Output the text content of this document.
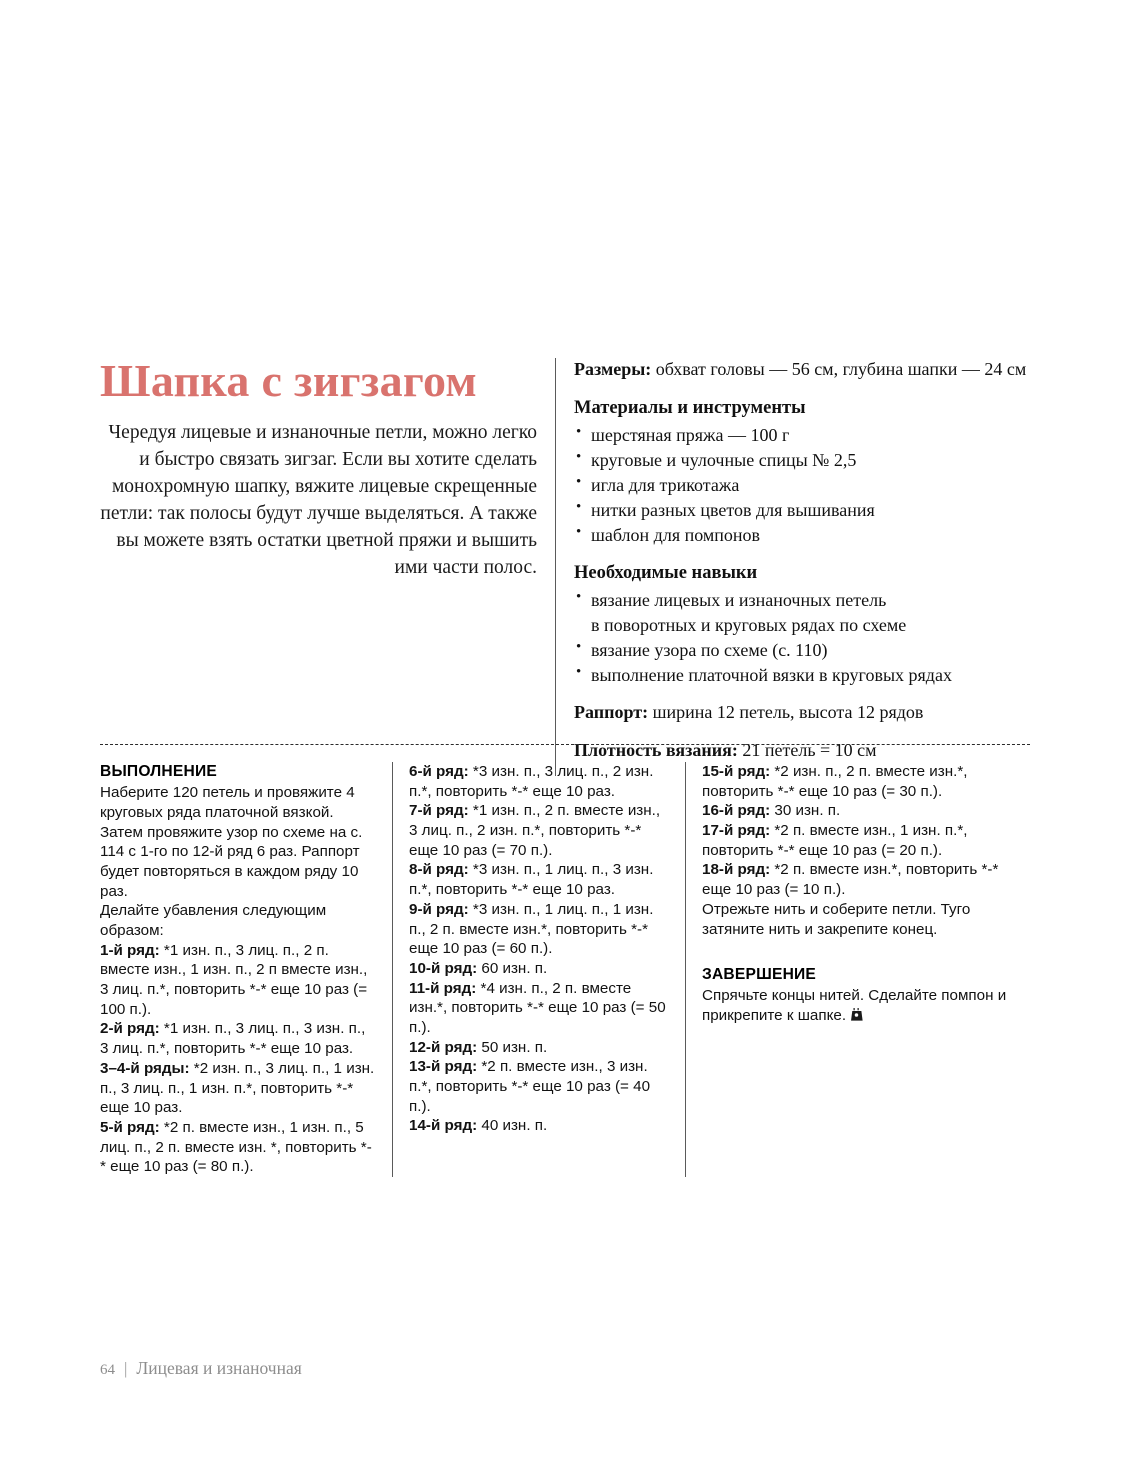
Шапка с зигзагом

Чередуя лицевые и изнаночные петли, можно легко и быстро связать зигзаг. Если вы хотите сделать монохромную шапку, вяжите лицевые скрещенные петли: так полосы будут лучше выделяться. А также вы можете взять остатки цветной пряжи и вышить ими части полос.

Размеры: обхват головы — 56 см, глубина шапки — 24 см

Материалы и инструменты
• шерстяная пряжа — 100 г
• круговые и чулочные спицы № 2,5
• игла для трикотажа
• нитки разных цветов для вышивания
• шаблон для помпонов
Необходимые навыки
• вязание лицевых и изнаночных петель
в поворотных и круговых рядах по схеме
• вязание узора по схеме (с. 110)
• выполнение платочной вязки в круговых рядах

Раппорт: ширина 12 петель, высота 12 рядов

Плотность вязания: 21 петель = 10 см

ВЫПОЛНЕНИЕ

Наберите 120 петель и провяжите 4 круговых ряда платочной вязкой. Затем провяжите узор по схеме на с. 114 с 1-го по 12-й ряд 6 раз. Раппорт будет повторяться в каждом ряду 10 раз.

Делайте убавления следующим образом:

1-й ряд: *1 изн. п., 3 лиц. п., 2 п. вместе изн., 1 изн. п., 2 п вместе изн., 3 лиц. п.*, повторить *-* еще 10 раз (= 100 п.).

2-й ряд: *1 изн. п., 3 лиц. п., 3 изн. п., 3 лиц. п.*, повторить *-* еще 10 раз.

3–4-й ряды: *2 изн. п., 3 лиц. п., 1 изн. п., 3 лиц. п., 1 изн. п.*, повторить *-* еще 10 раз.

5-й ряд: *2 п. вместе изн., 1 изн. п., 5 лиц. п., 2 п. вместе изн. *, повторить *-* еще 10 раз (= 80 п.).

6-й ряд: *3 изн. п., 3 лиц. п., 2 изн. п.*, повторить *-* еще 10 раз.

7-й ряд: *1 изн. п., 2 п. вместе изн., 3 лиц. п., 2 изн. п.*, повторить *-* еще 10 раз (= 70 п.).

8-й ряд: *3 изн. п., 1 лиц. п., 3 изн. п.*, повторить *-* еще 10 раз.

9-й ряд: *3 изн. п., 1 лиц. п., 1 изн. п., 2 п. вместе изн.*, повторить *-* еще 10 раз (= 60 п.).

10-й ряд: 60 изн. п.

11-й ряд: *4 изн. п., 2 п. вместе изн.*, повторить *-* еще 10 раз (= 50 п.).

12-й ряд: 50 изн. п.

13-й ряд: *2 п. вместе изн., 3 изн. п.*, повторить *-* еще 10 раз (= 40 п.).

14-й ряд: 40 изн. п.

15-й ряд: *2 изн. п., 2 п. вместе изн.*, повторить *-* еще 10 раз (= 30 п.).

16-й ряд: 30 изн. п.

17-й ряд: *2 п. вместе изн., 1 изн. п.*, повторить *-* еще 10 раз (= 20 п.).

18-й ряд: *2 п. вместе изн.*, повторить *-* еще 10 раз (= 10 п.).

Отрежьте нить и соберите петли. Туго затяните нить и закрепите конец.

ЗАВЕРШЕНИЕ

Спрячьте концы нитей. Сделайте помпон и прикрепите к шапке.

64 | Лицевая и изнаночная
